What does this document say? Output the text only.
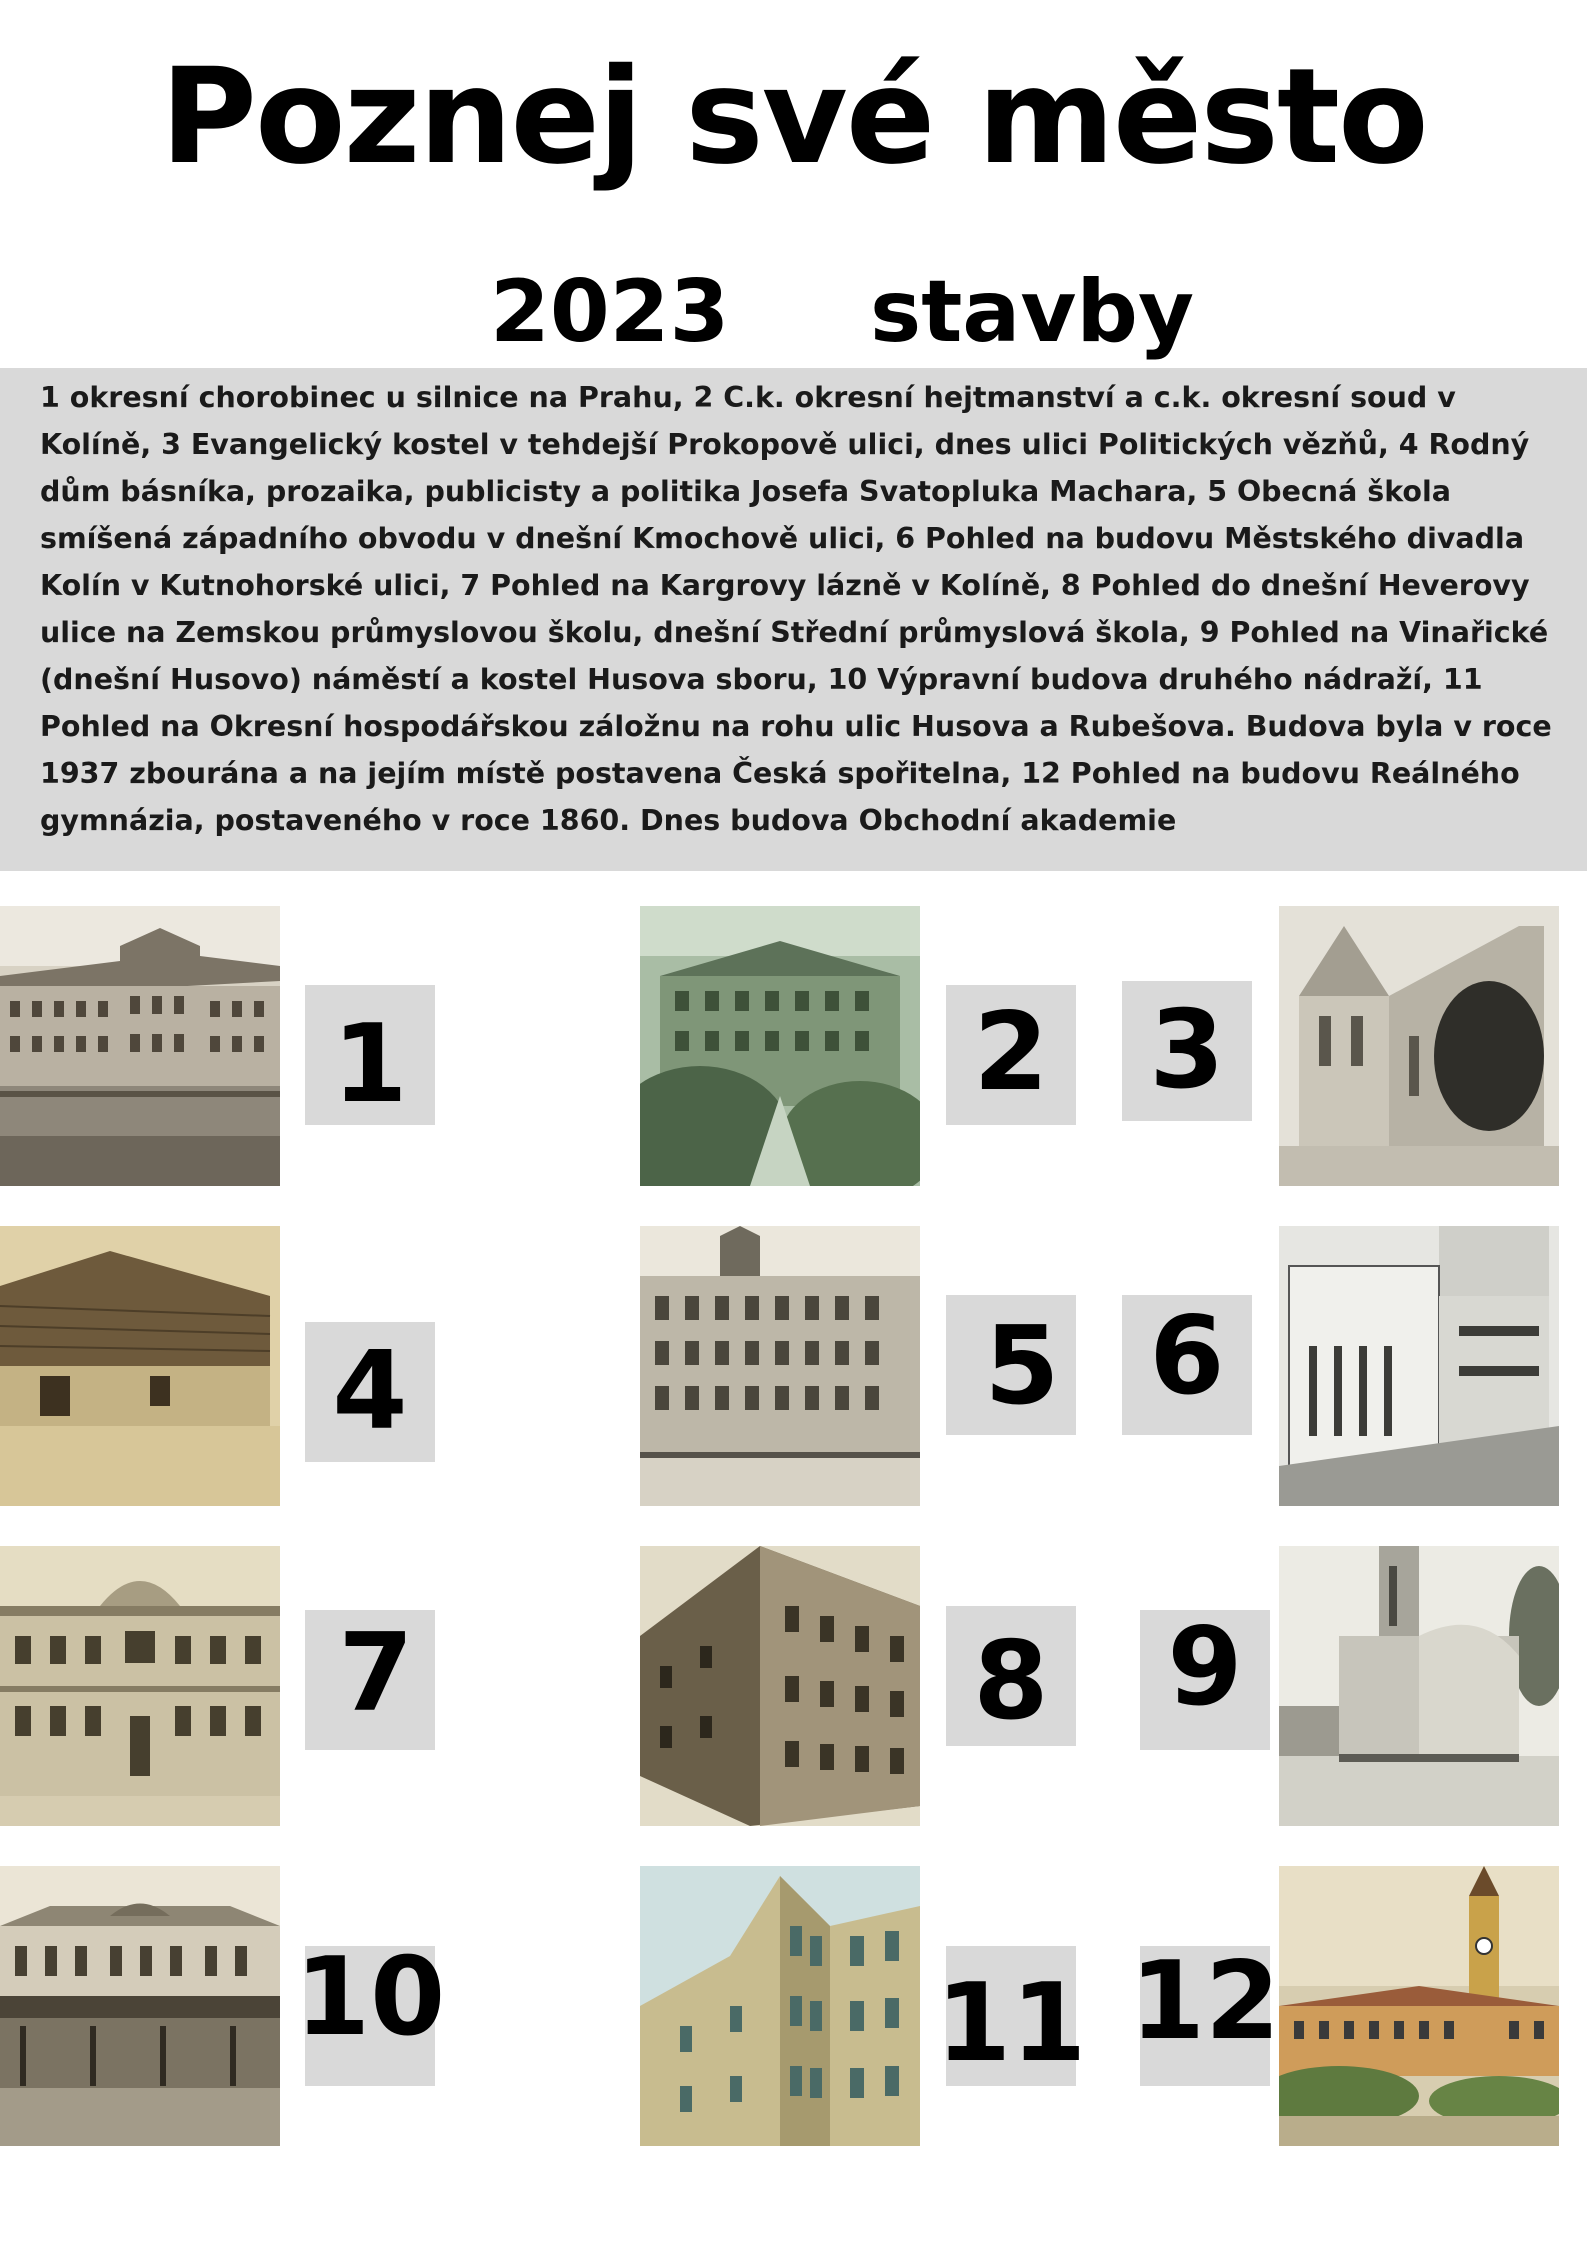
Poznej své město
2023 stavby
1 okresní chorobinec u silnice na Prahu, 2 C.k. okresní hejtmanství a c.k. okresní soud v Kolíně, 3 Evangelický kostel v tehdejší Prokopově ulici, dnes ulici Politických vězňů, 4 Rodný dům básníka, prozaika, publicisty a politika Josefa Svatopluka Machara, 5 Obecná škola smíšená západního obvodu v dnešní Kmochově ulici, 6 Pohled na budovu Městského divadla Kolín v Kutnohorské ulici, 7 Pohled na Kargrovy lázně v Kolíně, 8 Pohled do dnešní Heverovy ulice na Zemskou průmyslovou školu, dnešní Střední průmyslová škola, 9 Pohled na Vinařické (dnešní Husovo) náměstí a kostel Husova sboru, 10 Výpravní budova druhého nádraží, 11 Pohled na Okresní hospodářskou záložnu na rohu ulic Husova a Rubešova. Budova byla v roce 1937 zbourána a na jejím místě postavena Česká spořitelna, 12 Pohled na budovu Reálného gymnázia, postaveného v roce 1860. Dnes budova Obchodní akademie
1	2 3
4	5 6
7	8 9
10	11 12
